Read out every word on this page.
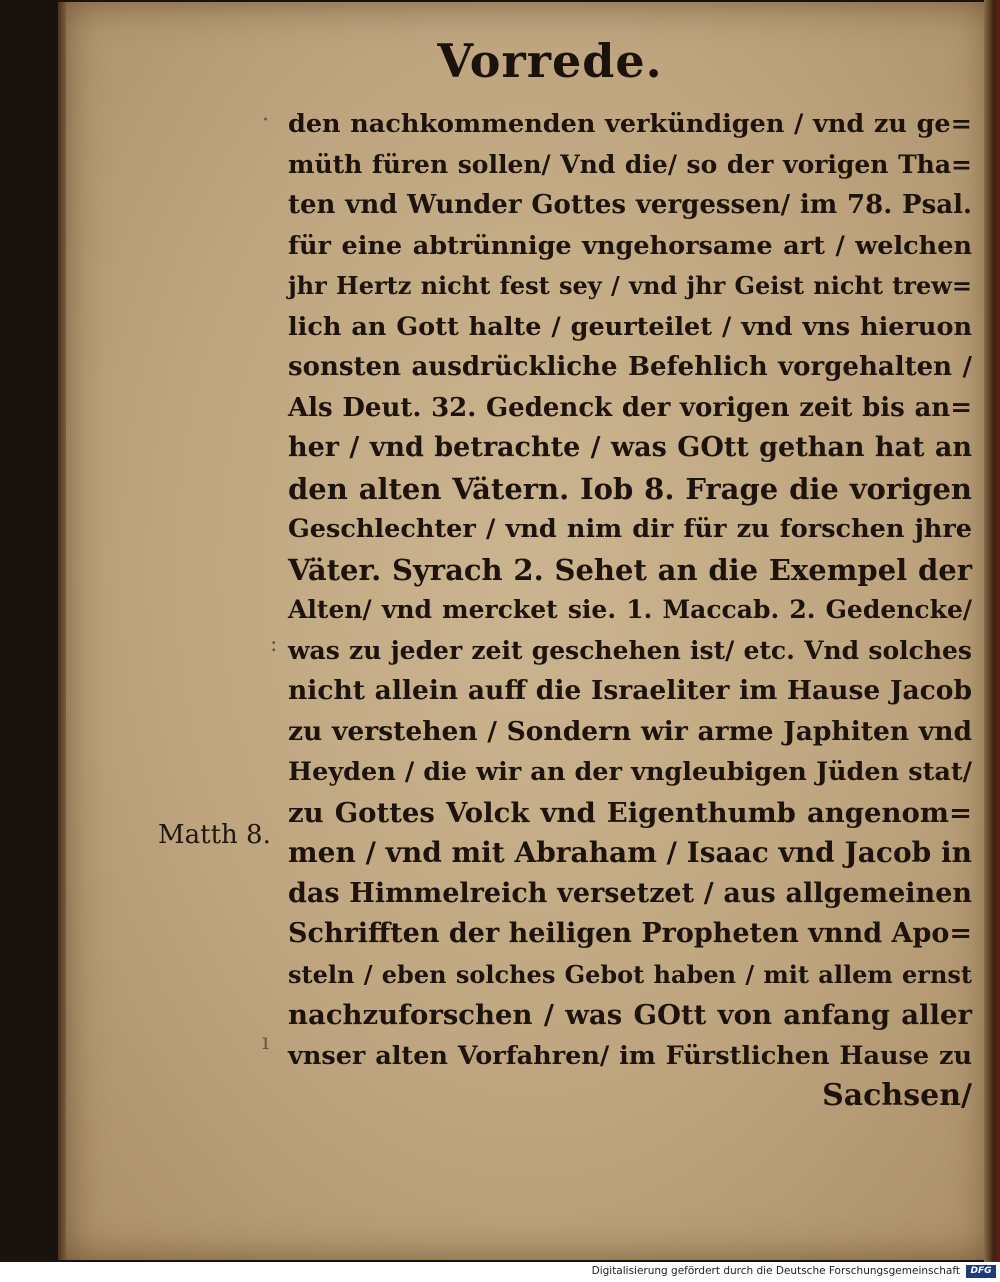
Vorrede.
den nachkommenden verkündigen / vnd zu ge=
müth füren sollen/ Vnd die/ so der vorigen Tha=
ten vnd Wunder Gottes vergessen/ im 78. Psal.
für eine abtrünnige vngehorsame art / welchen
jhr Hertz nicht fest sey / vnd jhr Geist nicht trew=
lich an Gott halte / geurteilet / vnd vns hieruon
sonsten ausdrückliche Befehlich vorgehalten /
Als Deut. 32. Gedenck der vorigen zeit bis an=
her / vnd betrachte / was GOtt gethan hat an
den alten Vätern. Iob 8. Frage die vorigen
Geschlechter / vnd nim dir für zu forschen jhre
Väter. Syrach 2. Sehet an die Exempel der
Alten/ vnd mercket sie. 1. Maccab. 2. Gedencke/
was zu jeder zeit geschehen ist/ etc. Vnd solches
nicht allein auff die Israeliter im Hause Jacob
zu verstehen / Sondern wir arme Japhiten vnd
Heyden / die wir an der vngleubigen Jüden stat/
zu Gottes Volck vnd Eigenthumb angenom=
men / vnd mit Abraham / Isaac vnd Jacob in
das Himmelreich versetzet / aus allgemeinen
Schrifften der heiligen Propheten vnnd Apo=
steln / eben solches Gebot haben / mit allem ernst
nachzuforschen / was GOtt von anfang aller
vnser alten Vorfahren/ im Fürstlichen Hause zu
Sachsen/
Matth 8.
·
:
ı
Digitalisierung gefördert durch die Deutsche Forschungsgemeinschaft	DFG
